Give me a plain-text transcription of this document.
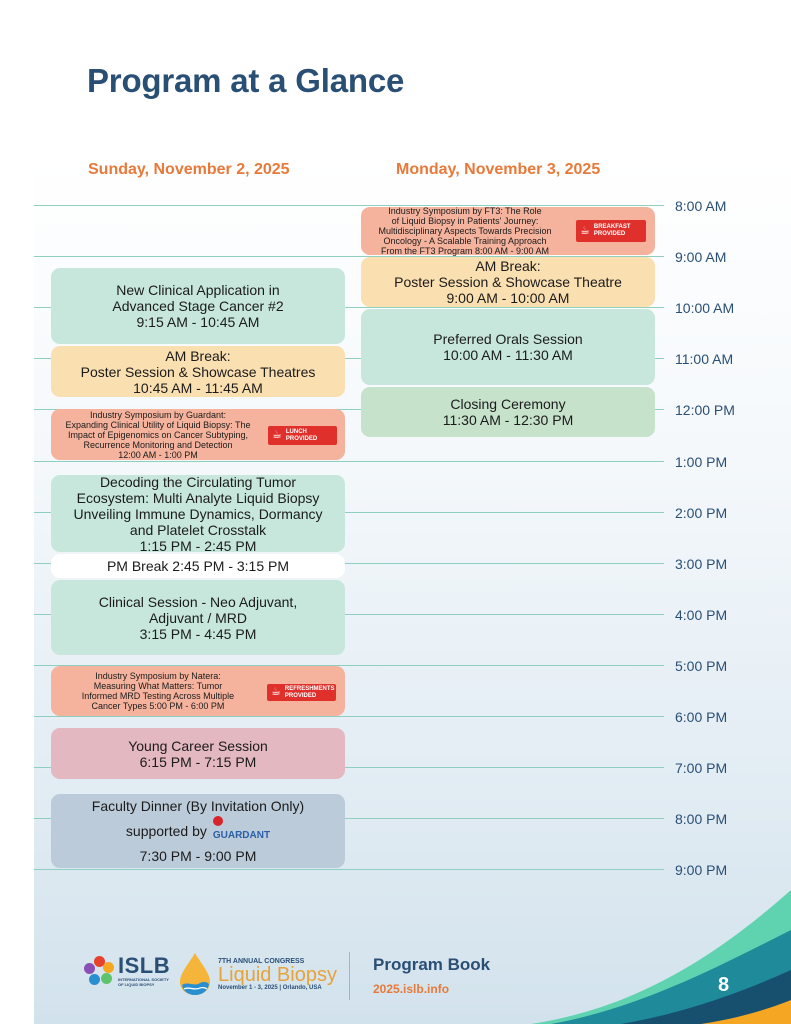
Program at a Glance
Sunday, November 2, 2025	Monday, November 3, 2025
8:00 AM
9:00 AM
10:00 AM
11:00 AM
12:00 PM
1:00 PM
2:00 PM
3:00 PM
4:00 PM
5:00 PM
6:00 PM
7:00 PM
8:00 PM
9:00 PM
New Clinical Application in
Advanced Stage Cancer #2
9:15 AM - 10:45 AM
AM Break:
Poster Session & Showcase Theatres
10:45 AM - 11:45 AM
Industry Symposium by Guardant:
Expanding Clinical Utility of Liquid Biopsy: The
Impact of Epigenomics on Cancer Subtyping,
Recurrence Monitoring and Detection
12:00 AM - 1:00 PM
☕ LUNCH
PROVIDED
Decoding the Circulating Tumor
Ecosystem: Multi Analyte Liquid Biopsy
Unveiling Immune Dynamics, Dormancy
and Platelet Crosstalk
1:15 PM - 2:45 PM
PM Break 2:45 PM - 3:15 PM
Clinical Session - Neo Adjuvant,
Adjuvant / MRD
3:15 PM - 4:45 PM
Industry Symposium by Natera:
Measuring What Matters: Tumor
Informed MRD Testing Across Multiple
Cancer Types 5:00 PM - 6:00 PM
☕ REFRESHMENTS
PROVIDED
Young Career Session
6:15 PM - 7:15 PM
Faculty Dinner (By Invitation Only)
supported by GUARDANT
7:30 PM - 9:00 PM
Industry Symposium by FT3: The Role
of Liquid Biopsy in Patients' Journey:
Multidisciplinary Aspects Towards Precision
Oncology - A Scalable Training Approach
From the FT3 Program 8:00 AM - 9:00 AM
☕ BREAKFAST
PROVIDED
AM Break:
Poster Session & Showcase Theatre
9:00 AM - 10:00 AM
Preferred Orals Session
10:00 AM - 11:30 AM
Closing Ceremony
11:30 AM - 12:30 PM
ISLB
INTERNATIONAL SOCIETY
OF LIQUID BIOPSY
7TH ANNUAL CONGRESS
Liquid Biopsy
November 1 - 3, 2025 | Orlando, USA
Program Book
2025.islb.info	8
